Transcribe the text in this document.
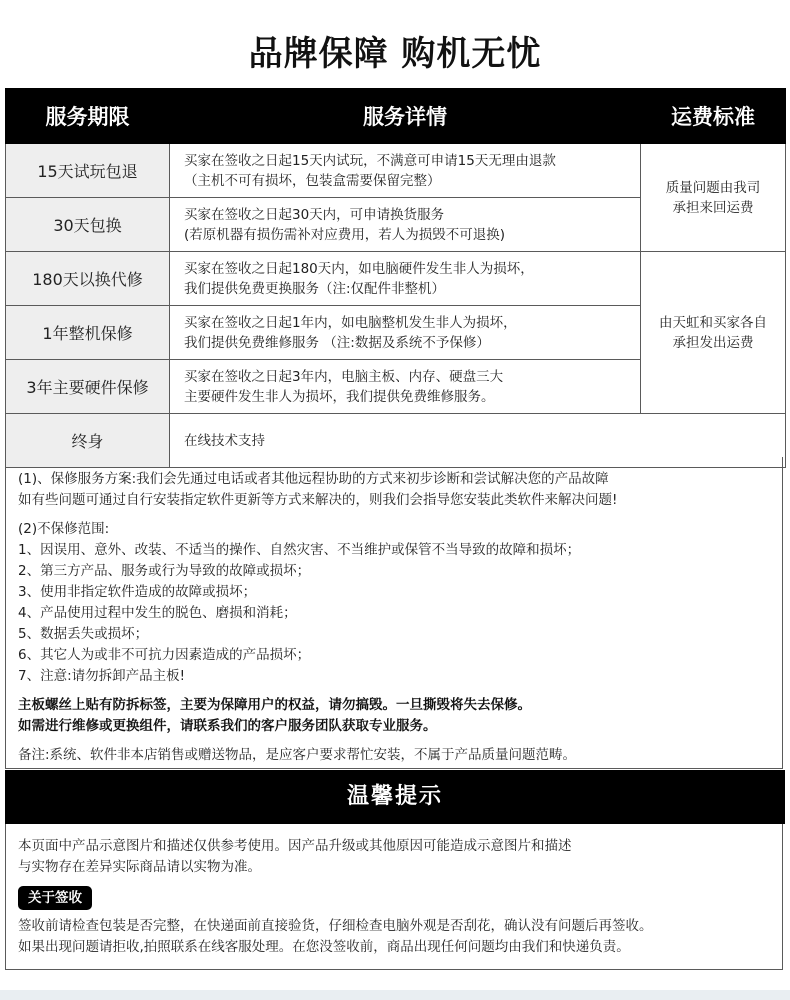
品牌保障 购机无忧
服务期限	服务详情	运费标准
15天试玩包退	买家在签收之日起15天内试玩，不满意可申请15天无理由退款
（主机不可有损坏，包装盒需要保留完整）	质量问题由我司
承担来回运费
30天包换	买家在签收之日起30天内，可申请换货服务
(若原机器有损伤需补对应费用，若人为损毁不可退换)	

180天以换代修	买家在签收之日起180天内，如电脑硬件发生非人为损坏，
我们提供免费更换服务（注:仅配件非整机）	由天虹和买家各自
承担发出运费
1年整机保修	买家在签收之日起1年内，如电脑整机发生非人为损坏，
我们提供免费维修服务 （注:数据及系统不予保修）	

3年主要硬件保修	买家在签收之日起3年内，电脑主板、内存、硬盘三大
主要硬件发生非人为损坏，我们提供免费维修服务。	

终身	在线技术支持	
(1)、保修服务方案:我们会先通过电话或者其他远程协助的方式来初步诊断和尝试解决您的产品故障
如有些问题可通过自行安装指定软件更新等方式来解决的，则我们会指导您安装此类软件来解决问题!
(2)不保修范围:
1、因误用、意外、改装、不适当的操作、自然灾害、不当维护或保管不当导致的故障和损坏；
2、第三方产品、服务或行为导致的故障或损坏；
3、使用非指定软件造成的故障或损坏；
4、产品使用过程中发生的脱色、磨损和消耗；
5、数据丢失或损坏；
6、其它人为或非不可抗力因素造成的产品损坏；
7、注意:请勿拆卸产品主板!
主板螺丝上贴有防拆标签，主要为保障用户的权益，请勿搞毁。一旦撕毁将失去保修。
如需进行维修或更换组件，请联系我们的客户服务团队获取专业服务。
备注:系统、软件非本店销售或赠送物品，是应客户要求帮忙安装，不属于产品质量问题范畴。
温馨提示
本页面中产品示意图片和描述仅供参考使用。因产品升级或其他原因可能造成示意图片和描述
与实物存在差异实际商品请以实物为准。
关于签收
签收前请检查包装是否完整，在快递面前直接验货，仔细检查电脑外观是否刮花，确认没有问题后再签收。
如果出现问题请拒收,拍照联系在线客服处理。在您没签收前，商品出现任何问题均由我们和快递负责。
